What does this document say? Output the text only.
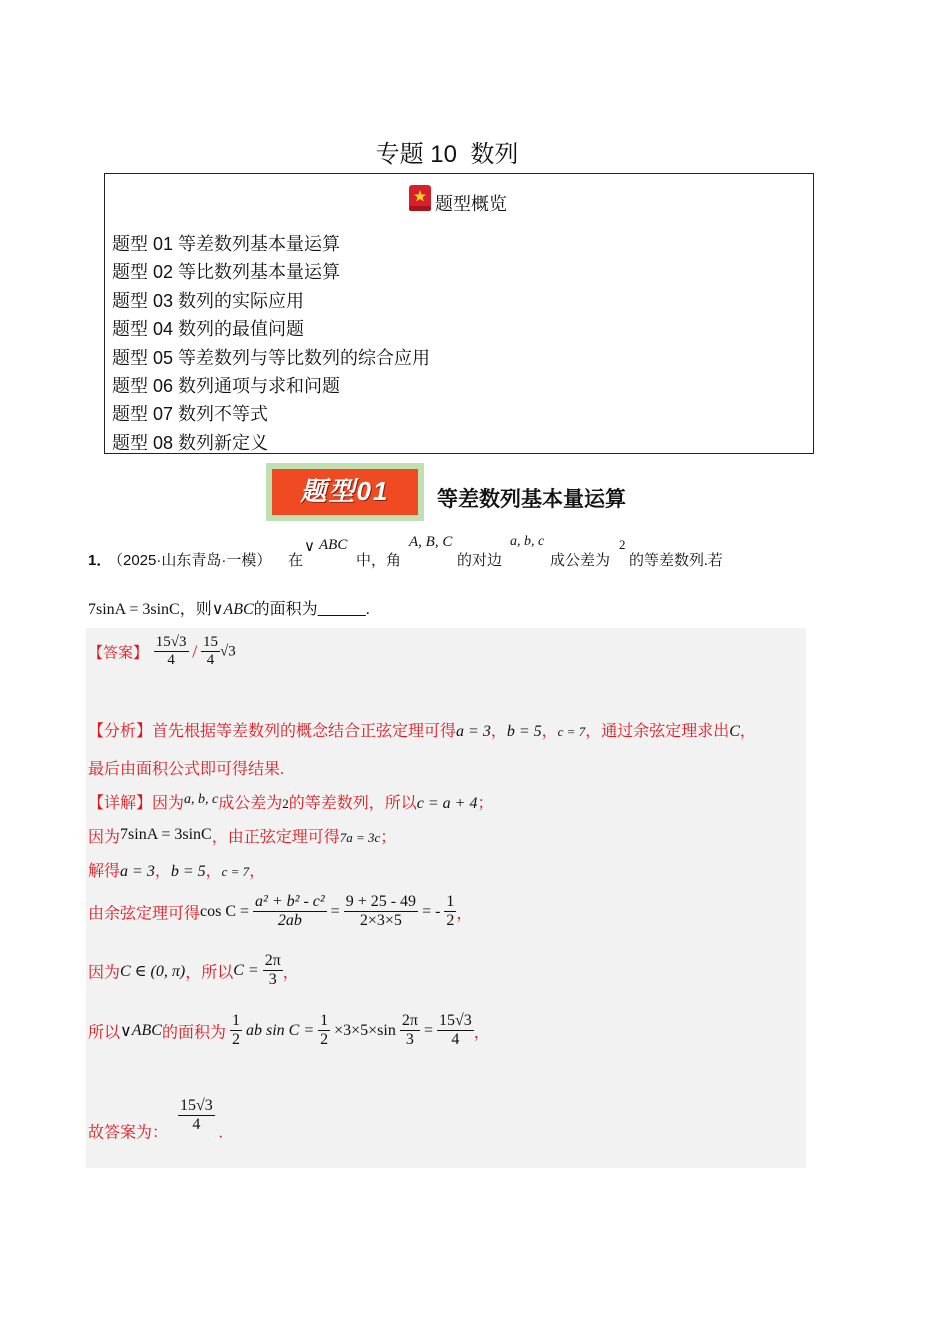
专题 10  数列
题型概览
题型 01 等差数列基本量运算
题型 02 等比数列基本量运算
题型 03 数列的实际应用
题型 04 数列的最值问题
题型 05 等差数列与等比数列的综合应用
题型 06 数列通项与求和问题
题型 07 数列不等式
题型 08 数列新定义
题型01	等差数列基本量运算
1．
（2025·山东青岛·一模） 在
∨ ABC
中，角
A, B, C
的对边
a, b, c
成公差为
2
的等差数列.若
7sinA = 3sinC，则∨ABC的面积为______.
【答案】 $\frac{15√3}{4} / \frac{15}{4} √3$
【分析】首先根据等差数列的概念结合正弦定理可得a = 3，b = 5，c = 7，通过余弦定理求出C，
最后由面积公式即可得结果.
【详解】因为a, b, c成公差为2的等差数列，所以c = a + 4；
因为7sinA = 3sinC，由正弦定理可得7a = 3c；
解得a = 3，b = 5，c = 7，
由余弦定理可得$\cos C = \frac{\text{a² + b² - c²}}{2ab} = \frac{9 + 25 - 49}{2\times 3\times 5}$ = - $\frac{1}{2}$ ，
因为C ∈ (0, π)，所以$C = \frac{2\pi}{3}$ ，
所以∨ABC的面积为 $\frac{1}{2}$ ab $\sin C = \frac{1}{2} \times 3\times 5\times\sin \frac{2\pi}{3} = \frac{15√3}{4}$ ，
故答案为： $\frac{15√3}{4}$ .
